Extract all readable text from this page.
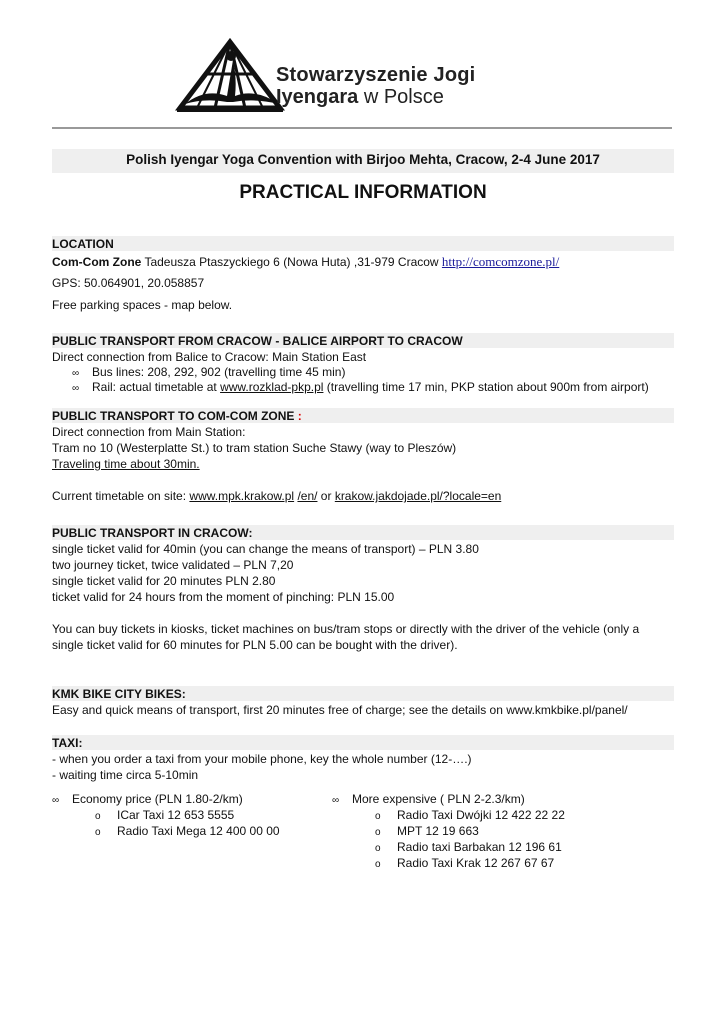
Stowarzyszenie Jogi
Iyengara w Polsce
Polish Iyengar Yoga Convention with Birjoo Mehta, Cracow, 2-4 June 2017
PRACTICAL INFORMATION
LOCATION
Com-Com Zone Tadeusza Ptaszyckiego 6 (Nowa Huta) ,31-979 Cracow http://comcomzone.pl/
GPS: 50.064901, 20.058857
Free parking spaces - map below.
PUBLIC TRANSPORT FROM CRACOW - BALICE AIRPORT TO CRACOW
Direct connection from Balice to Cracow: Main Station East
∞ Bus lines: 208, 292, 902 (travelling time 45 min)
∞ Rail: actual timetable at www.rozklad-pkp.pl (travelling time 17 min, PKP station about 900m from airport)
PUBLIC TRANSPORT TO COM-COM ZONE :
Direct connection from Main Station:
Tram no 10 (Westerplatte St.) to tram station Suche Stawy (way to Pleszów)
Traveling time about 30min.
Current timetable on site: www.mpk.krakow.pl /en/ or krakow.jakdojade.pl/?locale=en
PUBLIC TRANSPORT IN CRACOW:
single ticket valid for 40min (you can change the means of transport) – PLN 3.80
two journey ticket, twice validated – PLN 7,20
single ticket valid for 20 minutes PLN 2.80
ticket valid for 24 hours from the moment of pinching: PLN 15.00
You can buy tickets in kiosks, ticket machines on bus/tram stops or directly with the driver of the vehicle (only a
single ticket valid for 60 minutes for PLN 5.00 can be bought with the driver).
KMK BIKE CITY BIKES:
Easy and quick means of transport, first 20 minutes free of charge; see the details on www.kmkbike.pl/panel/
TAXI:
- when you order a taxi from your mobile phone, key the whole number (12-….)
- waiting time circa 5-10min
∞ Economy price (PLN 1.80-2/km)
o ICar Taxi 12 653 5555
o Radio Taxi Mega 12 400 00 00
∞ More expensive ( PLN 2-2.3/km)
o Radio Taxi Dwójki 12 422 22 22
o MPT 12 19 663
o Radio taxi Barbakan 12 196 61
o Radio Taxi Krak 12 267 67 67
